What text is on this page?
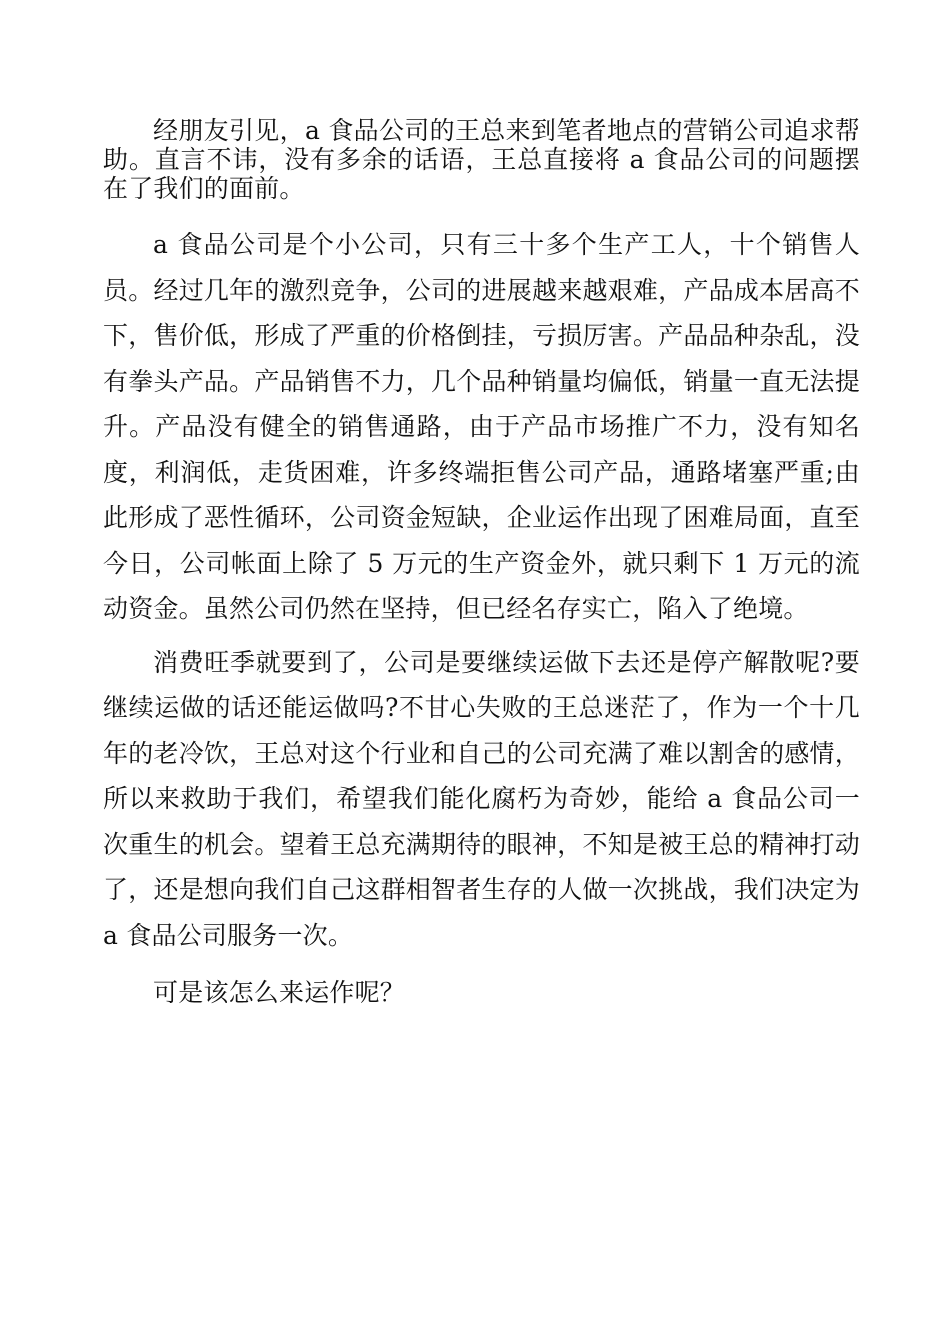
经朋友引见，a 食品公司的王总来到笔者地点的营销公司追求帮助。直言不讳，没有多余的话语，王总直接将 a 食品公司的问题摆在了我们的面前。

a 食品公司是个小公司，只有三十多个生产工人，十个销售人员。经过几年的激烈竞争，公司的进展越来越艰难，产品成本居高不下，售价低，形成了严重的价格倒挂，亏损厉害。产品品种杂乱，没有拳头产品。产品销售不力，几个品种销量均偏低，销量一直无法提升。产品没有健全的销售通路，由于产品市场推广不力，没有知名度，利润低，走货困难，许多终端拒售公司产品，通路堵塞严重;由此形成了恶性循环，公司资金短缺，企业运作出现了困难局面，直至今日，公司帐面上除了 5 万元的生产资金外，就只剩下 1 万元的流动资金。虽然公司仍然在坚持，但已经名存实亡，陷入了绝境。

消费旺季就要到了，公司是要继续运做下去还是停产解散呢?要继续运做的话还能运做吗?不甘心失败的王总迷茫了，作为一个十几年的老冷饮，王总对这个行业和自己的公司充满了难以割舍的感情，所以来救助于我们，希望我们能化腐朽为奇妙，能给 a 食品公司一次重生的机会。望着王总充满期待的眼神，不知是被王总的精神打动了，还是想向我们自己这群相智者生存的人做一次挑战，我们决定为 a 食品公司服务一次。

可是该怎么来运作呢？
